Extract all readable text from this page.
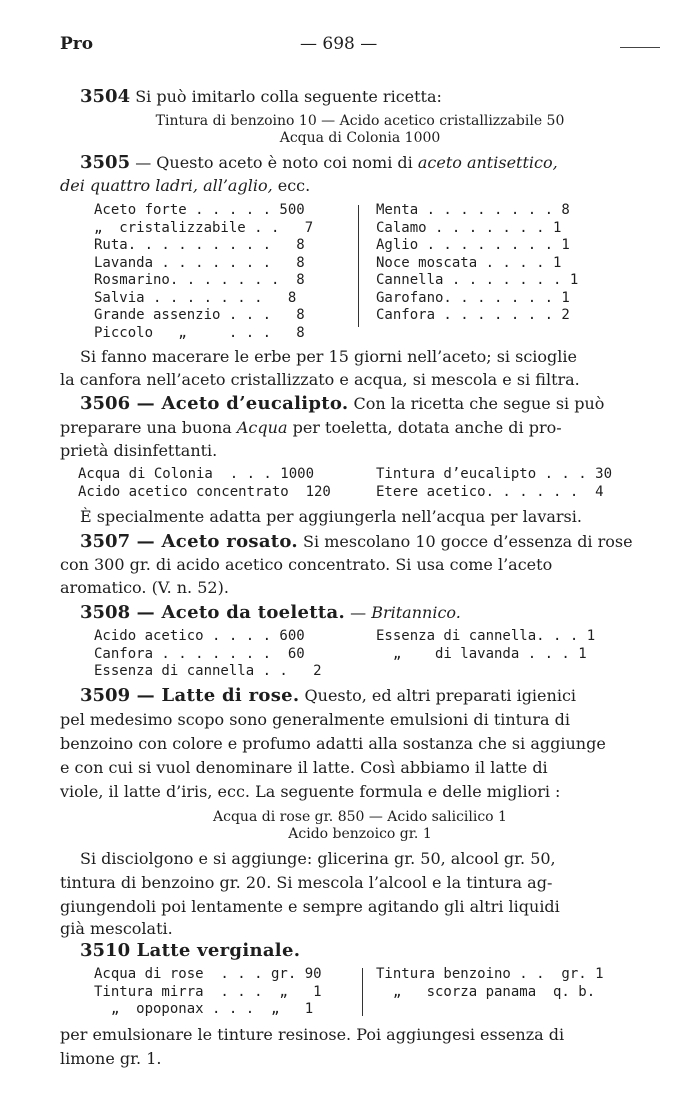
Pro	— 698 —
3504 Si può imitarlo colla seguente ricetta:
Tintura di benzoino 10 — Acido acetico cristallizzabile 50
Acqua di Colonia 1000
3505 — Questo aceto è noto coi nomi di aceto antisettico,
dei quattro ladri, all’aglio, ecc.
Aceto forte . . . . . 500
„  cristalizzabile . .   7
Ruta. . . . . . . . .   8
Lavanda . . . . . . .   8
Rosmarino. . . . . . .  8
Salvia . . . . . . .   8
Grande assenzio . . .   8
Piccolo   „     . . .   8
Menta . . . . . . . . 8
Calamo . . . . . . . 1
Aglio . . . . . . . . 1
Noce moscata . . . . 1
Cannella . . . . . . . 1
Garofano. . . . . . . 1
Canfora . . . . . . . 2
Si fanno macerare le erbe per 15 giorni nell’aceto; si scioglie
la canfora nell’aceto cristallizzato e acqua, si mescola e si filtra.
3506 — Aceto d’eucalipto. Con la ricetta che segue si può
preparare una buona Acqua per toeletta, dotata anche di pro-
prietà disinfettanti.
Acqua di Colonia  . . . 1000
Acido acetico concentrato  120
Tintura d’eucalipto . . . 30
Etere acetico. . . . . .  4
È specialmente adatta per aggiungerla nell’acqua per lavarsi.
3507 — Aceto rosato. Si mescolano 10 gocce d’essenza di rose
con 300 gr. di acido acetico concentrato. Si usa come l’aceto
aromatico. (V. n. 52).
3508 — Aceto da toeletta. — Britannico.
Acido acetico . . . . 600
Canfora . . . . . . .  60
Essenza di cannella . .   2
Essenza di cannella. . . 1
„    di lavanda . . . 1
3509 — Latte di rose. Questo, ed altri preparati igienici
pel medesimo scopo sono generalmente emulsioni di tintura di
benzoino con colore e profumo adatti alla sostanza che si aggiunge
e con cui si vuol denominare il latte. Così abbiamo il latte di
viole, il latte d’iris, ecc. La seguente formula e delle migliori :
Acqua di rose gr. 850 — Acido salicilico 1
Acido benzoico gr. 1
Si disciolgono e si aggiunge: glicerina gr. 50, alcool gr. 50,
tintura di benzoino gr. 20. Si mescola l’alcool e la tintura ag-
giungendoli poi lentamente e sempre agitando gli altri liquidi
già mescolati.
3510 Latte verginale.
Acqua di rose  . . . gr. 90
Tintura mirra  . . .  „   1
„  opoponax . . .  „   1
Tintura benzoino . .  gr. 1
„   scorza panama  q. b.
per emulsionare le tinture resinose. Poi aggiungesi essenza di
limone gr. 1.
